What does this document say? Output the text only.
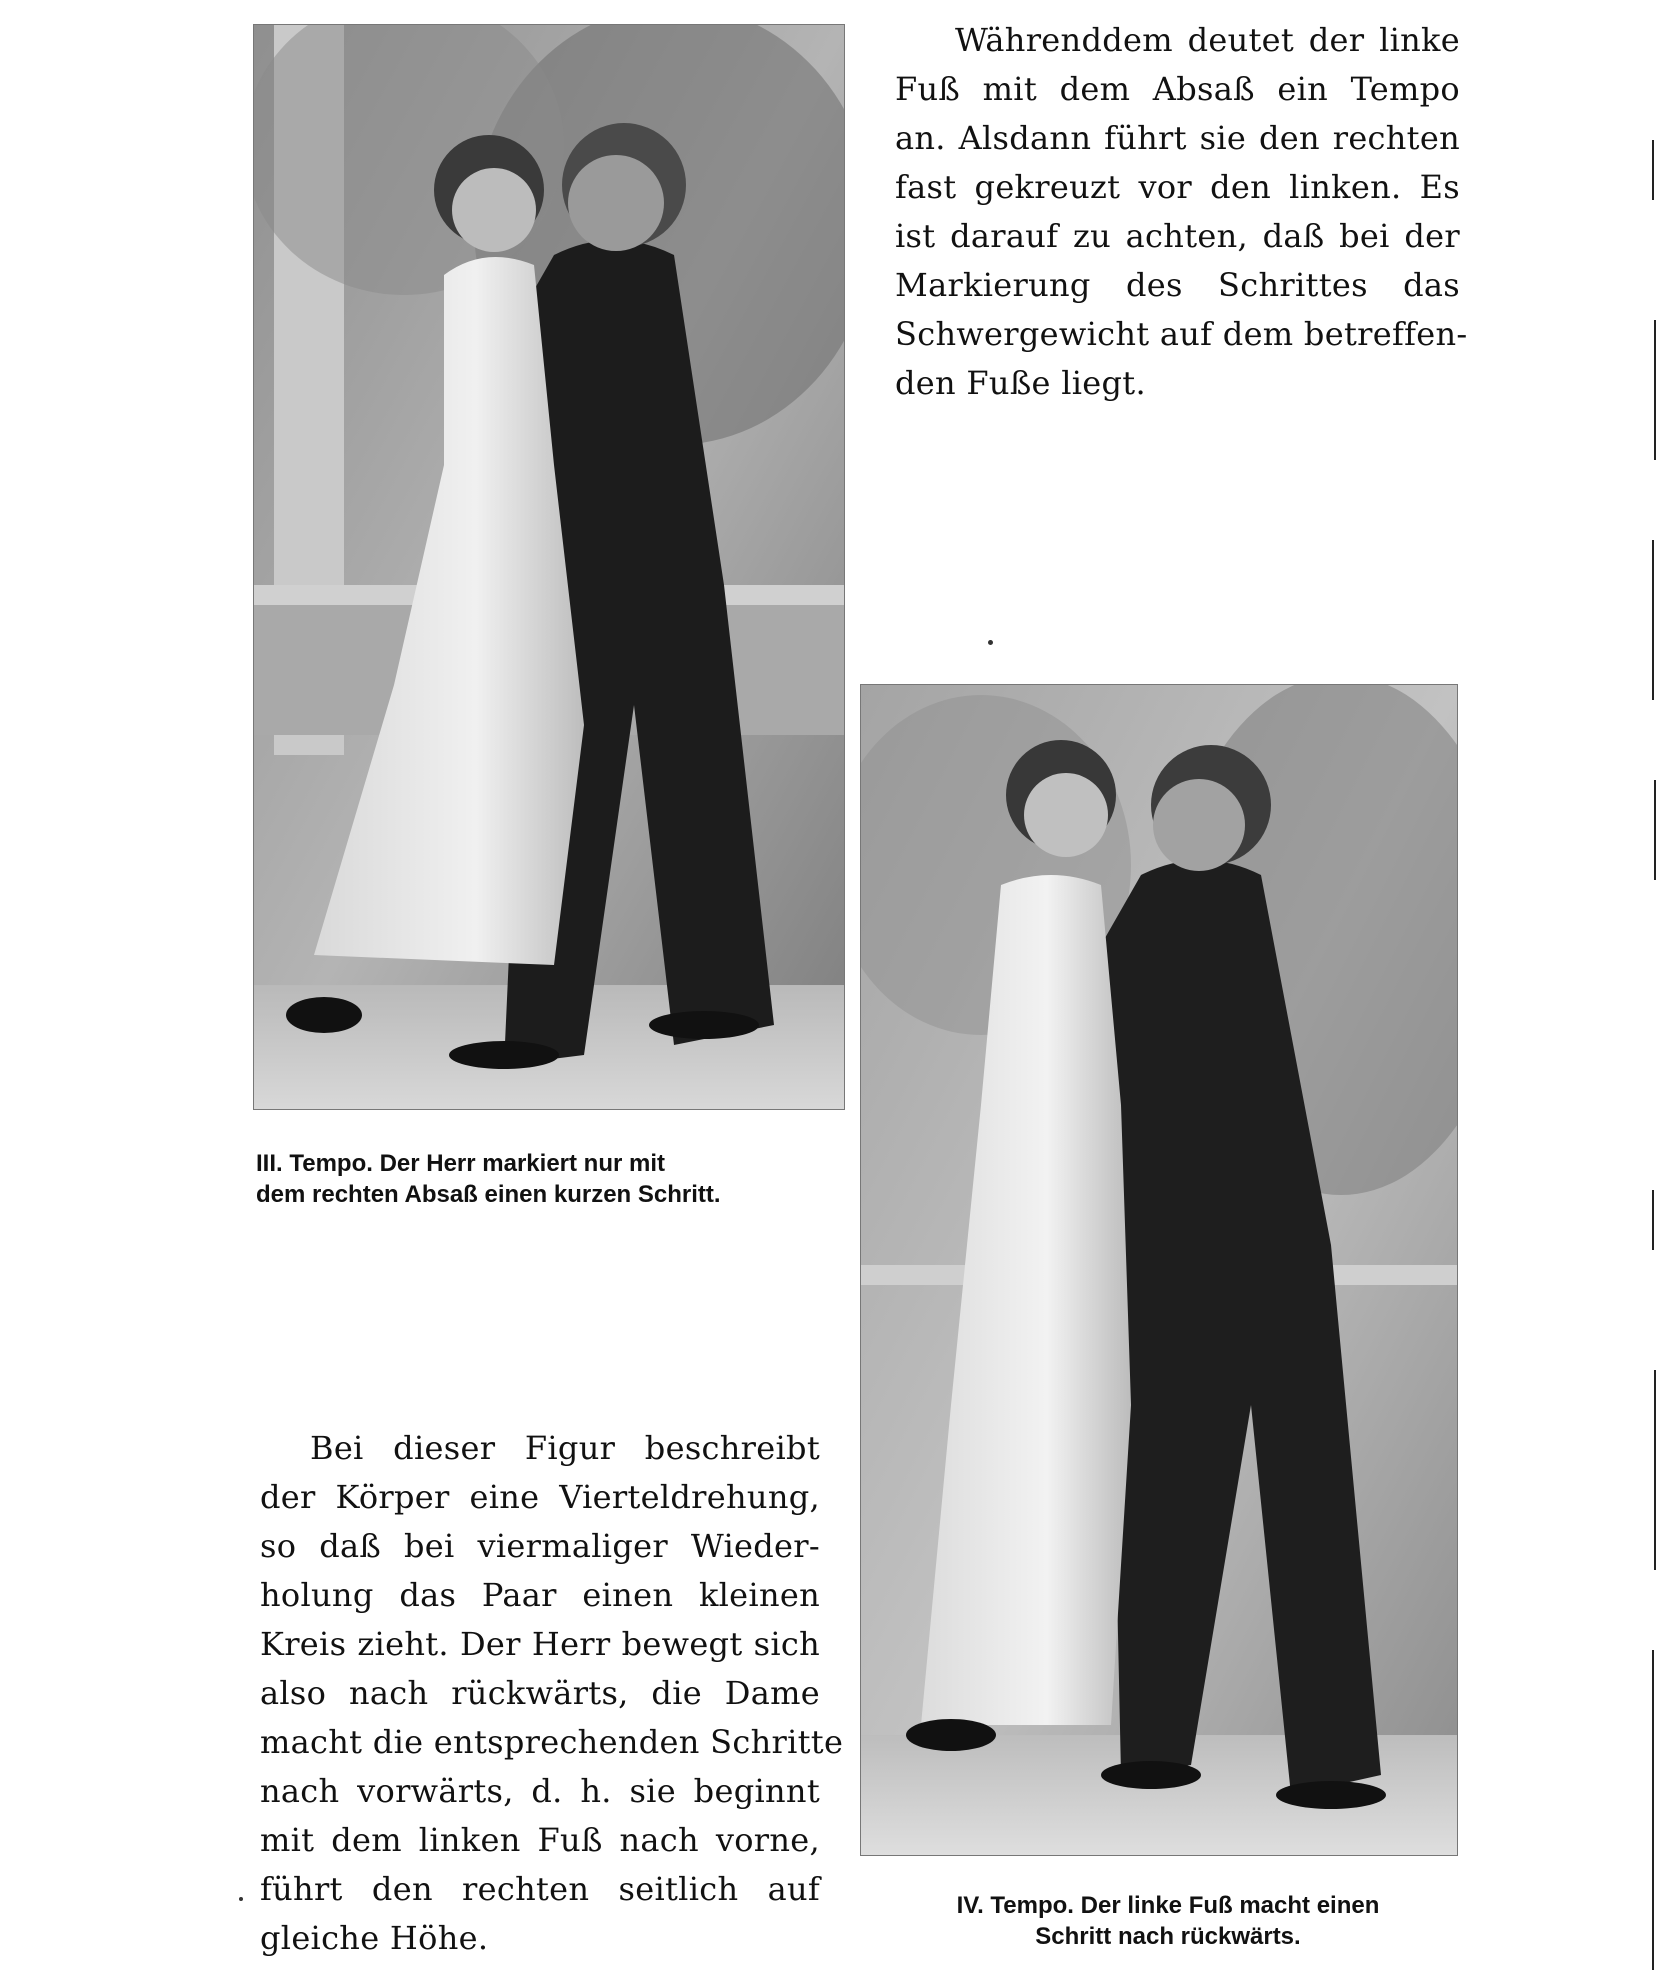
III. Tempo. Der Herr markiert nur mit
dem rechten Absaß einen kurzen Schritt.
IV. Tempo. Der linke Fuß macht einen
Schritt nach rückwärts.
Währenddem deutet der linke
Fuß mit dem Absaß ein Tempo
an. Alsdann führt sie den rechten
fast gekreuzt vor den linken. Es
ist darauf zu achten, daß bei der
Markierung des Schrittes das
Schwergewicht auf dem betreffen-
den Fuße liegt.
Bei dieser Figur beschreibt
der Körper eine Vierteldrehung,
so daß bei viermaliger Wieder-
holung das Paar einen kleinen
Kreis zieht. Der Herr bewegt sich
also nach rückwärts, die Dame
macht die entsprechenden Schritte
nach vorwärts, d. h. sie beginnt
mit dem linken Fuß nach vorne,
führt den rechten seitlich auf
gleiche Höhe.
